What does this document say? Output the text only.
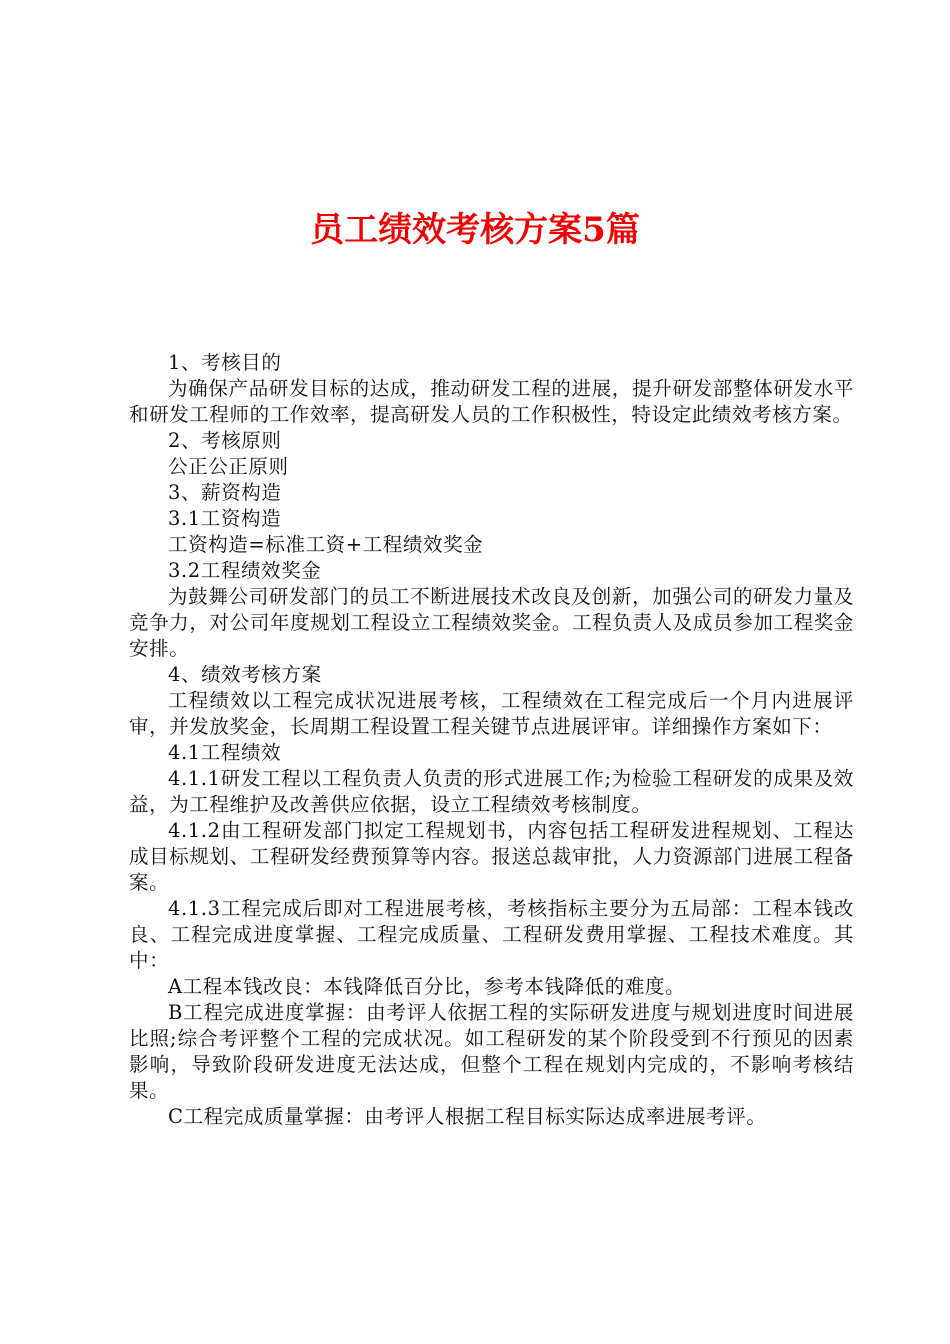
员工绩效考核方案5篇

1、考核目的

为确保产品研发目标的达成，推动研发工程的进展，提升研发部整体研发水平和研发工程师的工作效率，提高研发人员的工作积极性，特设定此绩效考核方案。

2、考核原则

公正公正原则

3、薪资构造

3.1工资构造

工资构造=标准工资+工程绩效奖金

3.2工程绩效奖金

为鼓舞公司研发部门的员工不断进展技术改良及创新，加强公司的研发力量及竞争力，对公司年度规划工程设立工程绩效奖金。工程负责人及成员参加工程奖金安排。

4、绩效考核方案

工程绩效以工程完成状况进展考核，工程绩效在工程完成后一个月内进展评审，并发放奖金，长周期工程设置工程关键节点进展评审。详细操作方案如下：

4.1工程绩效

4.1.1研发工程以工程负责人负责的形式进展工作;为检验工程研发的成果及效益，为工程维护及改善供应依据，设立工程绩效考核制度。

4.1.2由工程研发部门拟定工程规划书，内容包括工程研发进程规划、工程达成目标规划、工程研发经费预算等内容。报送总裁审批，人力资源部门进展工程备案。

4.1.3工程完成后即对工程进展考核，考核指标主要分为五局部：工程本钱改良、工程完成进度掌握、工程完成质量、工程研发费用掌握、工程技术难度。其中：

A工程本钱改良：本钱降低百分比，参考本钱降低的难度。

B工程完成进度掌握：由考评人依据工程的实际研发进度与规划进度时间进展比照;综合考评整个工程的完成状况。如工程研发的某个阶段受到不行预见的因素影响，导致阶段研发进度无法达成，但整个工程在规划内完成的，不影响考核结果。

C工程完成质量掌握：由考评人根据工程目标实际达成率进展考评。
